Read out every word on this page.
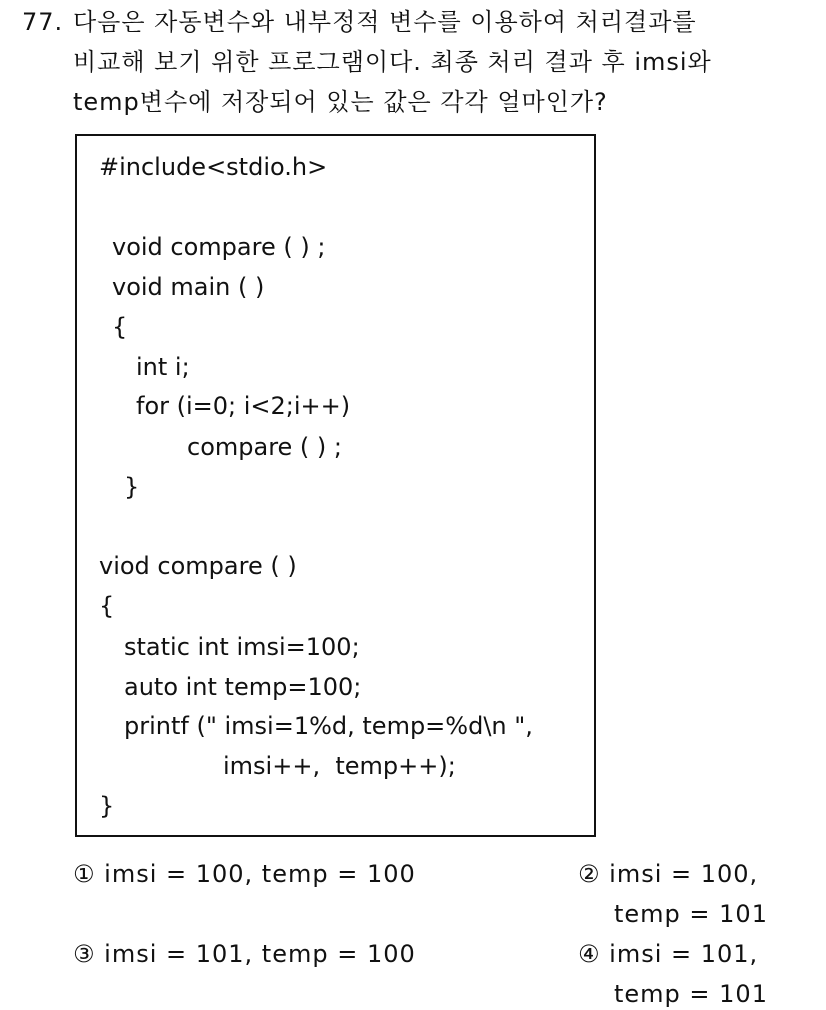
77. 다음은 자동변수와 내부정적 변수를 이용하여 처리결과를
비교해 보기 위한 프로그램이다. 최종 처리 결과 후 imsi와
temp변수에 저장되어 있는 값은 각각 얼마인가?
#include<stdio.h>
void compare ( ) ;
void main ( )
{
int i;
for (i=0; i<2;i++)
compare ( ) ;
}
viod compare ( )
{
static int imsi=100;
auto int temp=100;
printf (" imsi=1%d, temp=%d\n ",
imsi++,  temp++);
}
① imsi = 100, temp = 100	② imsi = 100,
temp = 101
③ imsi = 101, temp = 100	④ imsi = 101,
temp = 101
